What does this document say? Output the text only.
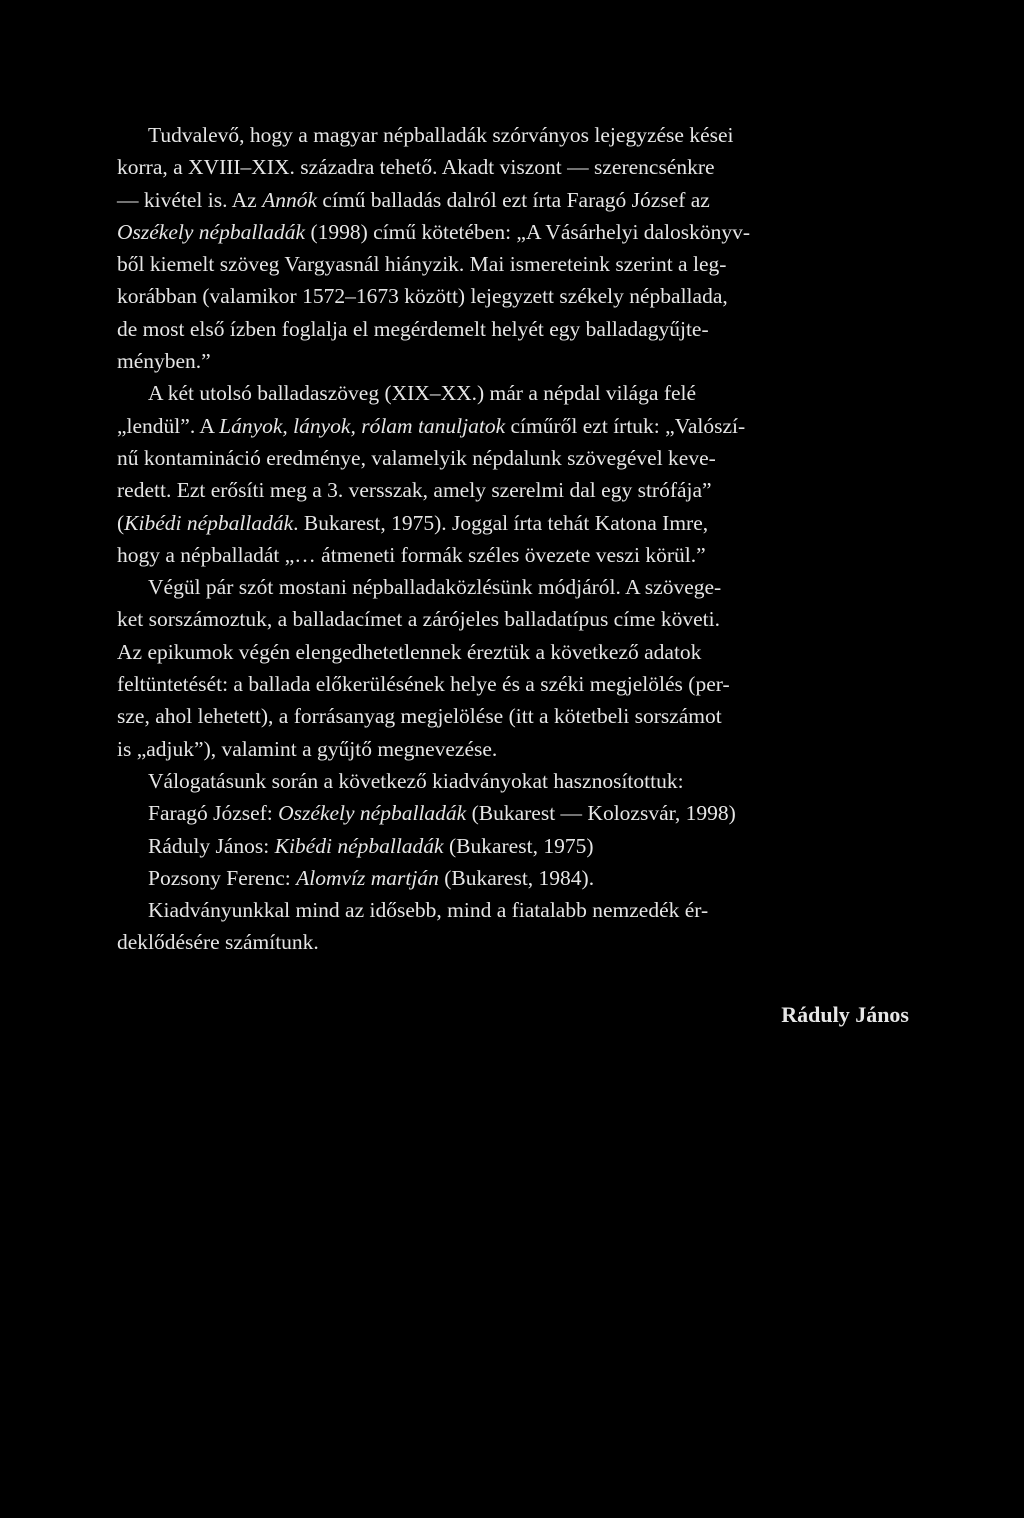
Tudvalevő, hogy a magyar népballadák szórványos lejegyzése kései
korra, a XVIII–XIX. századra tehető. Akadt viszont — szerencsénkre
— kivétel is. Az Annók című balladás dalról ezt írta Faragó József az
Oszékely népballadák (1998) című kötetében: „A Vásárhelyi daloskönyv-
ből kiemelt szöveg Vargyasnál hiányzik. Mai ismereteink szerint a leg-
korábban (valamikor 1572–1673 között) lejegyzett székely népballada,
de most első ízben foglalja el megérdemelt helyét egy balladagyűjte-
ményben.”
A két utolsó balladaszöveg (XIX–XX.) már a népdal világa felé
„lendül”. A Lányok, lányok, rólam tanuljatok címűről ezt írtuk: „Valószí-
nű kontamináció eredménye, valamelyik népdalunk szövegével keve-
redett. Ezt erősíti meg a 3. versszak, amely szerelmi dal egy strófája”
(Kibédi népballadák. Bukarest, 1975). Joggal írta tehát Katona Imre,
hogy a népballadát „… átmeneti formák széles övezete veszi körül.”
Végül pár szót mostani népballadaközlésünk módjáról. A szövege-
ket sorszámoztuk, a balladacímet a zárójeles balladatípus címe követi.
Az epikumok végén elengedhetetlennek éreztük a következő adatok
feltüntetését: a ballada előkerülésének helye és a széki megjelölés (per-
sze, ahol lehetett), a forrásanyag megjelölése (itt a kötetbeli sorszámot
is „adjuk”), valamint a gyűjtő megnevezése.
Válogatásunk során a következő kiadványokat hasznosítottuk:
Faragó József: Oszékely népballadák (Bukarest — Kolozsvár, 1998)
Ráduly János: Kibédi népballadák (Bukarest, 1975)
Pozsony Ferenc: Alomvíz martján (Bukarest, 1984).
Kiadványunkkal mind az idősebb, mind a fiatalabb nemzedék ér-
deklődésére számítunk.
Ráduly János
